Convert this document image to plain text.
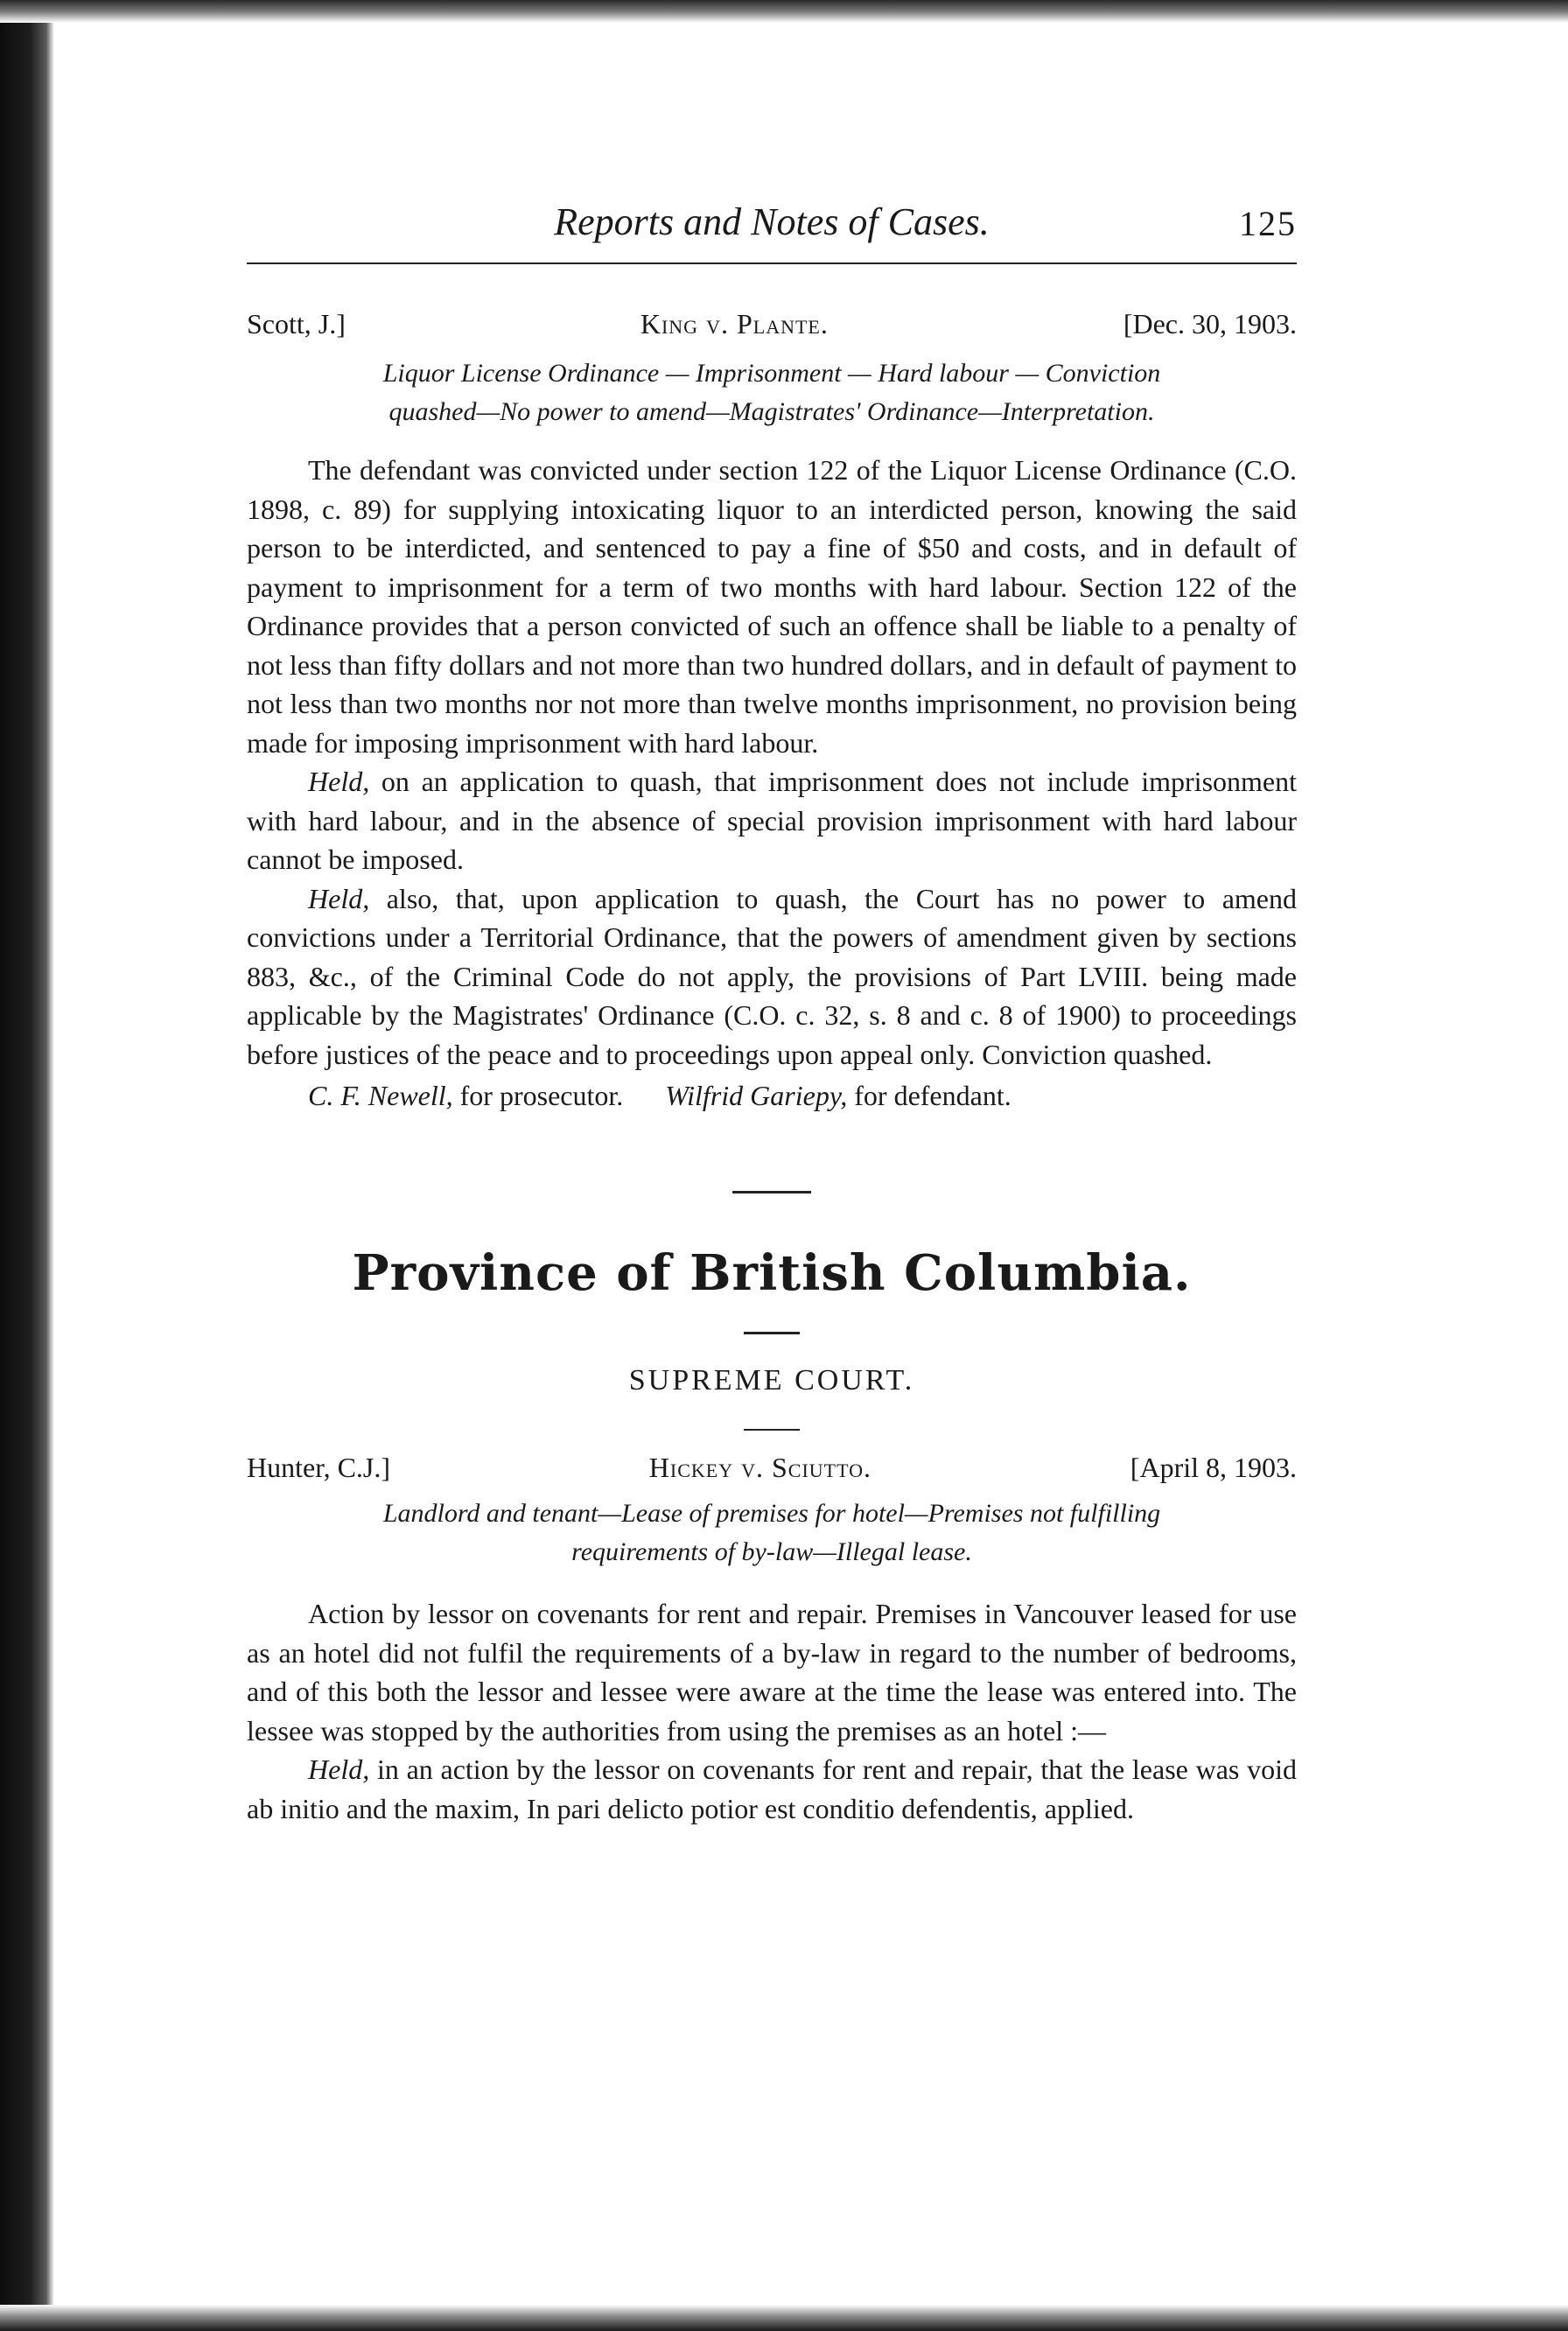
Reports and Notes of Cases.	125
Scott, J.]	King v. Plante.	[Dec. 30, 1903.
Liquor License Ordinance — Imprisonment — Hard labour — Conviction
quashed—No power to amend—Magistrates' Ordinance—Interpretation.

The defendant was convicted under section 122 of the Liquor License Ordinance (C.O. 1898, c. 89) for supplying intoxicating liquor to an interdicted person, knowing the said person to be interdicted, and sentenced to pay a fine of $50 and costs, and in default of payment to imprisonment for a term of two months with hard labour. Section 122 of the Ordinance provides that a person convicted of such an offence shall be liable to a penalty of not less than fifty dollars and not more than two hundred dollars, and in default of payment to not less than two months nor not more than twelve months imprisonment, no provision being made for imposing imprisonment with hard labour.

Held, on an application to quash, that imprisonment does not include imprisonment with hard labour, and in the absence of special provision imprisonment with hard labour cannot be imposed.

Held, also, that, upon application to quash, the Court has no power to amend convictions under a Territorial Ordinance, that the powers of amendment given by sections 883, &c., of the Criminal Code do not apply, the provisions of Part LVIII. being made applicable by the Magistrates' Ordinance (C.O. c. 32, s. 8 and c. 8 of 1900) to proceedings before justices of the peace and to proceedings upon appeal only. Conviction quashed.

C. F. Newell, for prosecutor. Wilfrid Gariepy, for defendant.
Province of British Columbia.
SUPREME COURT.
Hunter, C.J.]	Hickey v. Sciutto.	[April 8, 1903.
Landlord and tenant—Lease of premises for hotel—Premises not fulfilling
requirements of by-law—Illegal lease.

Action by lessor on covenants for rent and repair. Premises in Vancouver leased for use as an hotel did not fulfil the requirements of a by-law in regard to the number of bedrooms, and of this both the lessor and lessee were aware at the time the lease was entered into. The lessee was stopped by the authorities from using the premises as an hotel :—

Held, in an action by the lessor on covenants for rent and repair, that the lease was void ab initio and the maxim, In pari delicto potior est conditio defendentis, applied.
